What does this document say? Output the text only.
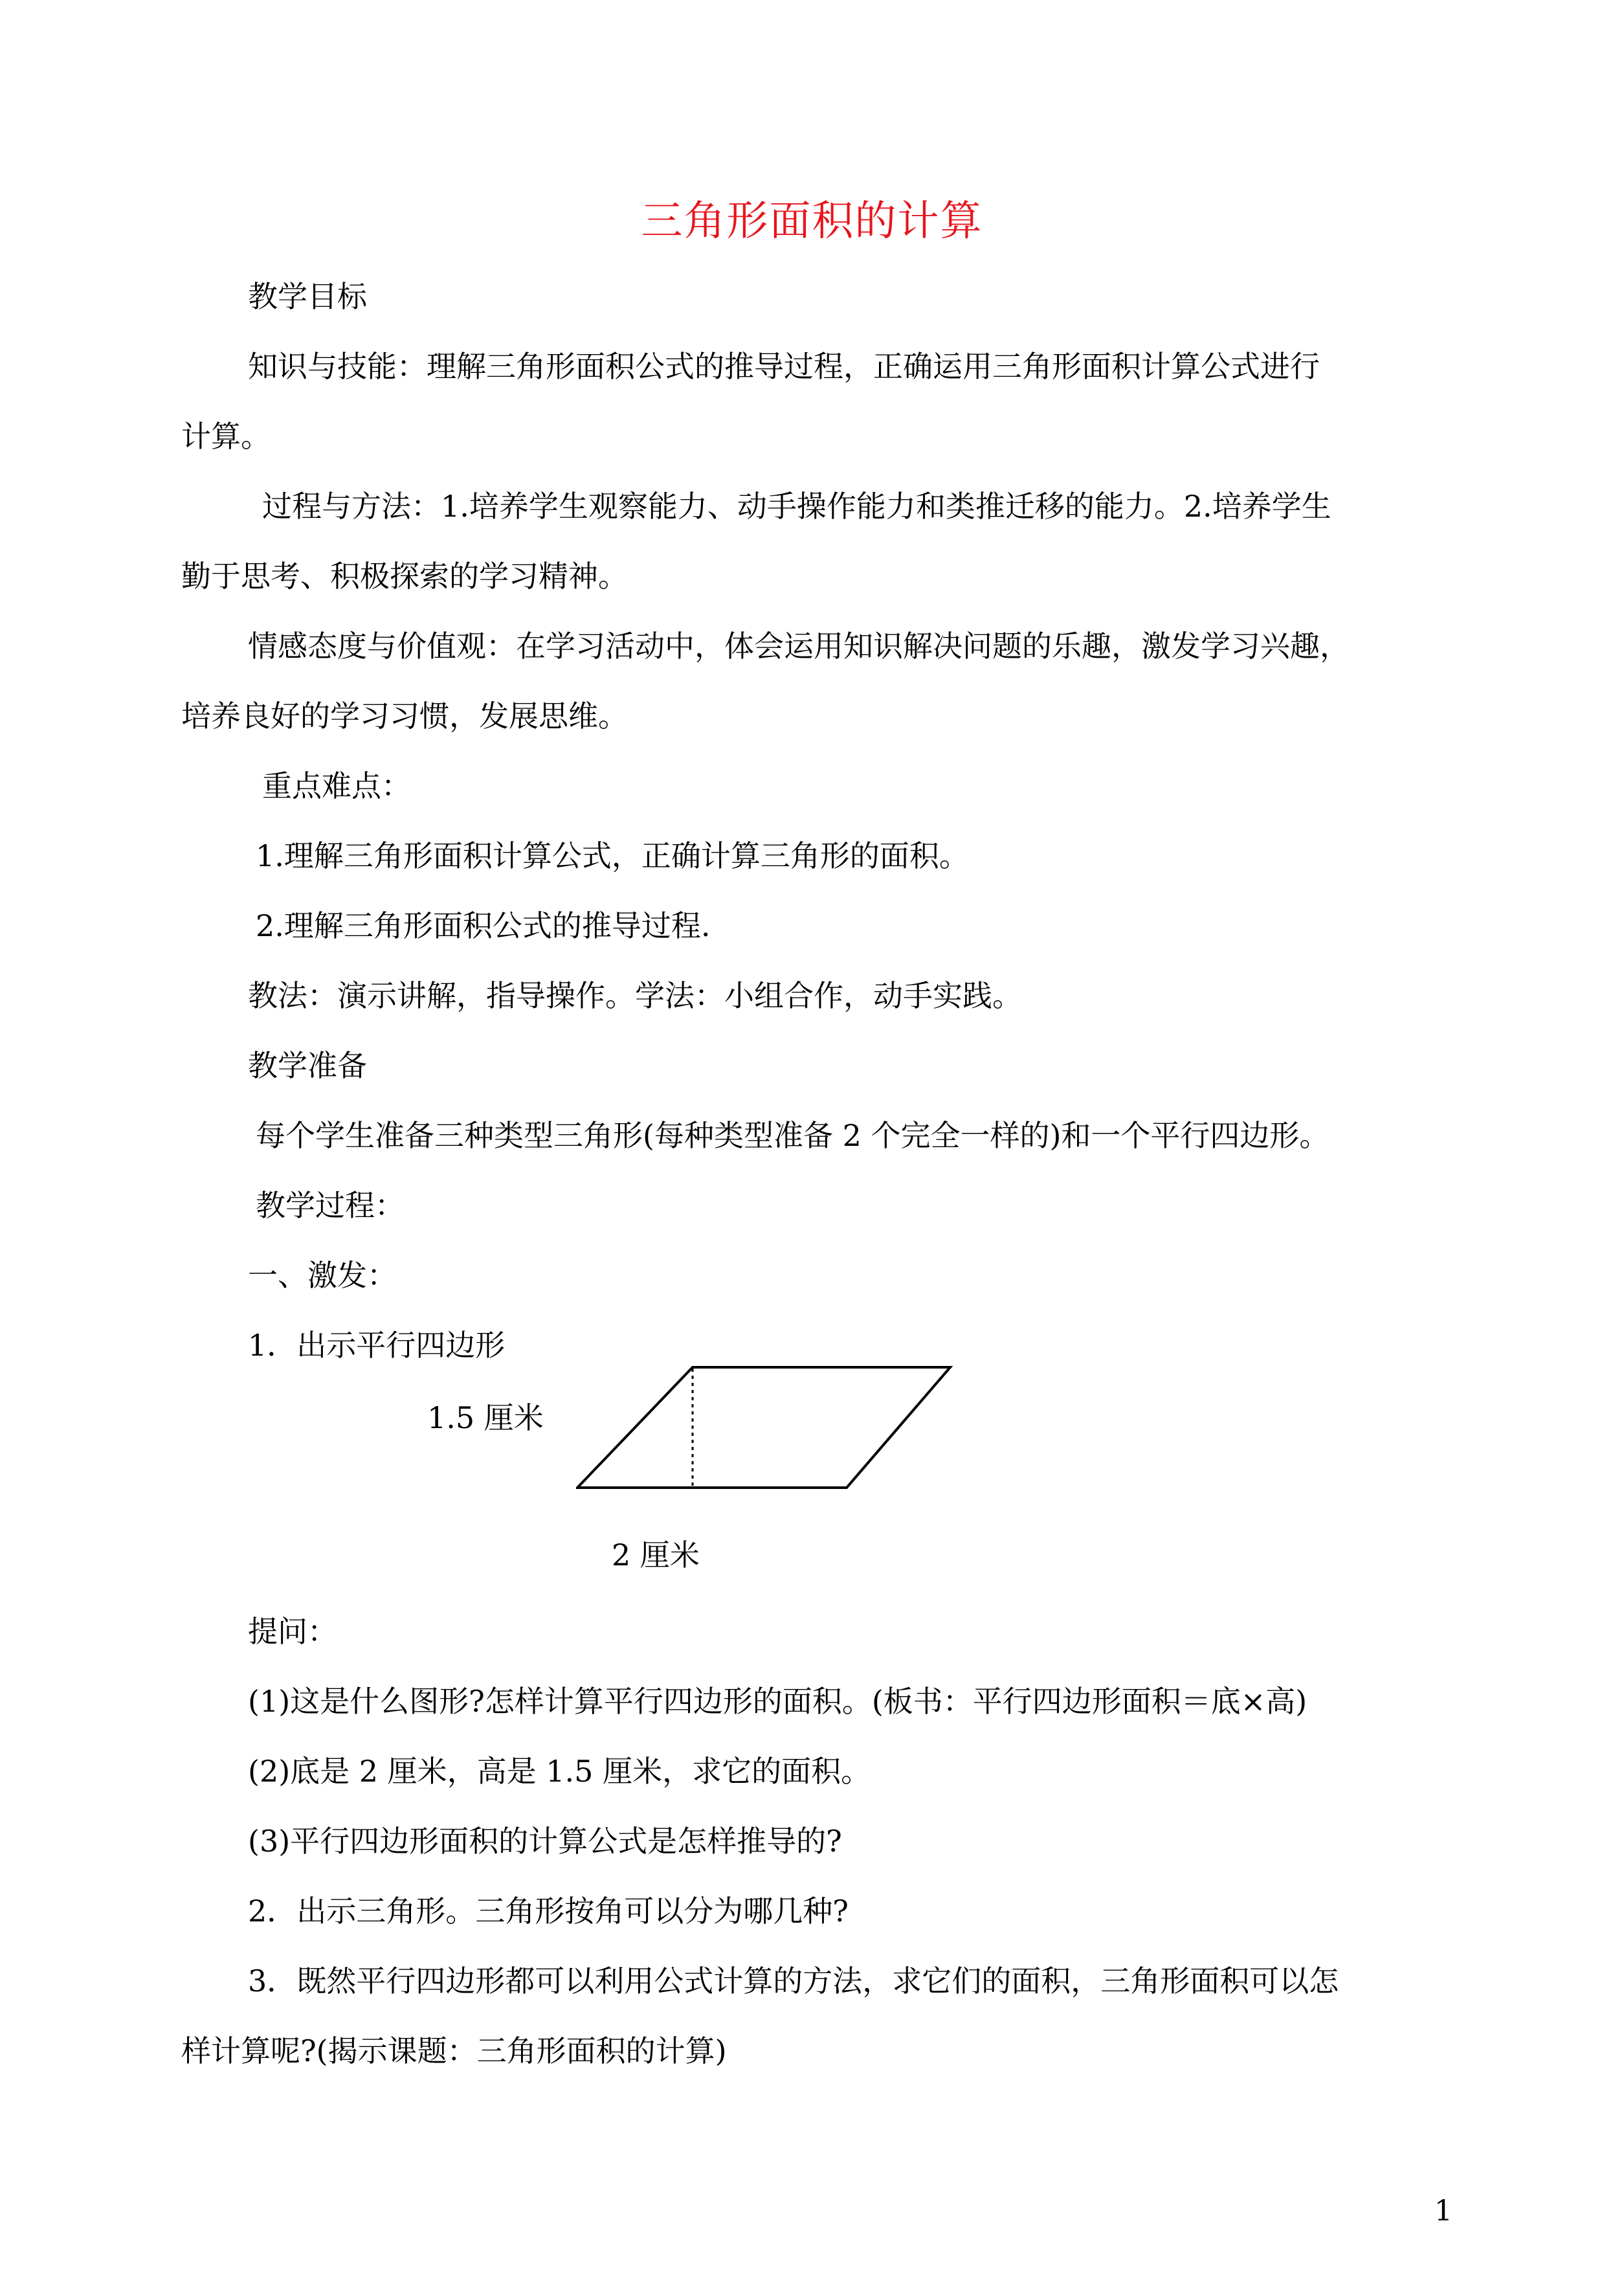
三角形面积的计算
教学目标
知识与技能：理解三角形面积公式的推导过程，正确运用三角形面积计算公式进行
计算。
过程与方法：1.培养学生观察能力、动手操作能力和类推迁移的能力。2.培养学生
勤于思考、积极探索的学习精神。
情感态度与价值观：在学习活动中，体会运用知识解决问题的乐趣，激发学习兴趣，
培养良好的学习习惯，发展思维。
重点难点：
1.理解三角形面积计算公式，正确计算三角形的面积。
2.理解三角形面积公式的推导过程.
教法：演示讲解，指导操作。学法：小组合作，动手实践。
教学准备
每个学生准备三种类型三角形(每种类型准备 2 个完全一样的)和一个平行四边形。
教学过程：
一、激发：
1．出示平行四边形
1.5 厘米
2 厘米
提问：
(1)这是什么图形?怎样计算平行四边形的面积。(板书：平行四边形面积＝底×高)
(2)底是 2 厘米，高是 1.5 厘米，求它的面积。
(3)平行四边形面积的计算公式是怎样推导的?
2．出示三角形。三角形按角可以分为哪几种?
3．既然平行四边形都可以利用公式计算的方法，求它们的面积，三角形面积可以怎
样计算呢?(揭示课题：三角形面积的计算)
1
